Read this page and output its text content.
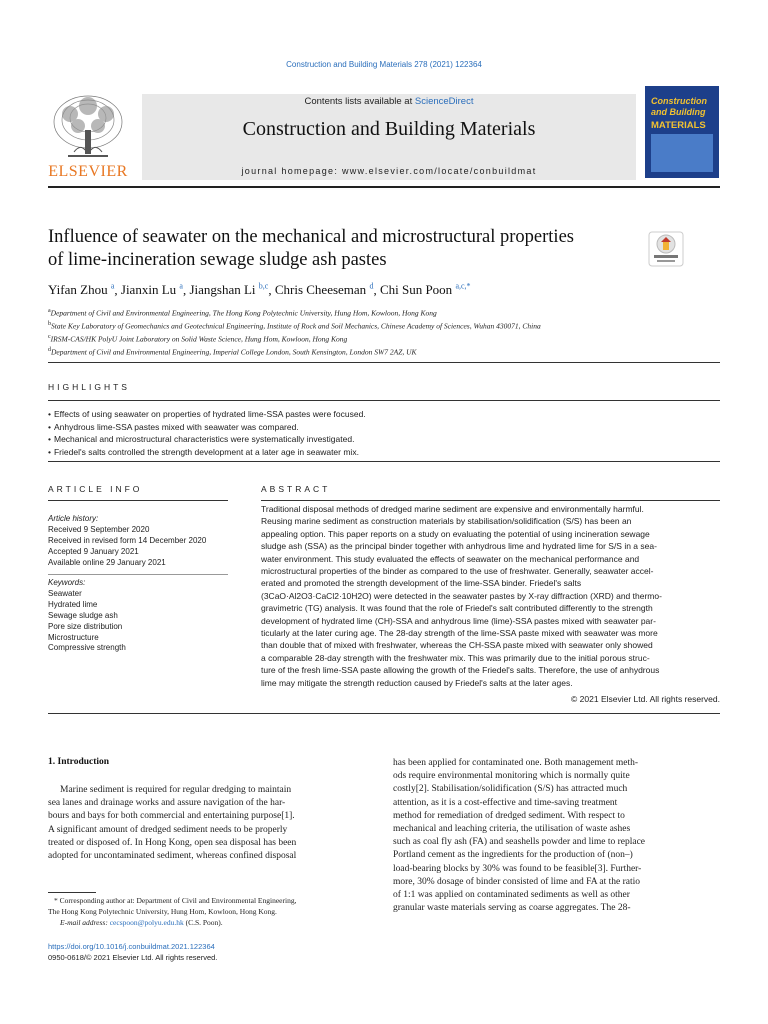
Construction and Building Materials 278 (2021) 122364
ELSEVIER
Contents lists available at ScienceDirect
Construction and Building Materials
journal homepage: www.elsevier.com/locate/conbuildmat
Construction and Building
MATERIALS
Influence of seawater on the mechanical and microstructural properties
of lime-incineration sewage sludge ash pastes
Yifan Zhou $^a$, Jianxin Lu $^a$, Jiangshan Li $^{b,c}$, Chris Cheeseman $^d$, Chi Sun Poon $^{a,c,*}$
$^a$Department of Civil and Environmental Engineering, The Hong Kong Polytechnic University, Hung Hom, Kowloon, Hong Kong
$^b$State Key Laboratory of Geomechanics and Geotechnical Engineering, Institute of Rock and Soil Mechanics, Chinese Academy of Sciences, Wuhan 430071, China
$^c$IRSM-CAS/HK PolyU Joint Laboratory on Solid Waste Science, Hung Hom, Kowloon, Hong Kong
$^d$Department of Civil and Environmental Engineering, Imperial College London, South Kensington, London SW7 2AZ, UK
HIGHLIGHTS
• Effects of using seawater on properties of hydrated lime-SSA pastes were focused.
• Anhydrous lime-SSA pastes mixed with seawater was compared.
• Mechanical and microstructural characteristics were systematically investigated.
• Friedel's salts controlled the strength development at a later age in seawater mix.
ARTICLE INFO
Article history:
Received 9 September 2020
Received in revised form 14 December 2020
Accepted 9 January 2021
Available online 29 January 2021
Keywords:
Seawater
Hydrated lime
Sewage sludge ash
Pore size distribution
Microstructure
Compressive strength
ABSTRACT
Traditional disposal methods of dredged marine sediment are expensive and environmentally harmful.
Reusing marine sediment as construction materials by stabilisation/solidification (S/S) has been an
appealing option. This paper reports on a study on evaluating the potential of using incineration sewage
sludge ash (SSA) as the principal binder together with anhydrous lime and hydrated lime for S/S in a sea-
water environment. This study evaluated the effects of seawater on the mechanical performance and
microstructural properties of the binder as compared to the use of freshwater. Generally, seawater accel-
erated and promoted the strength development of the lime-SSA binder. Friedel's salts
(3CaO·Al2O3·CaCl2·10H2O) were detected in the seawater pastes by X-ray diffraction (XRD) and thermo-
gravimetric (TG) analysis. It was found that the role of Friedel's salt contributed differently to the strength
development of hydrated lime (CH)-SSA and anhydrous lime (lime)-SSA pastes mixed with seawater par-
ticularly at the later curing age. The 28-day strength of the lime-SSA paste mixed with seawater was more
than double that of mixed with freshwater, whereas the CH-SSA paste mixed with seawater only showed
a comparable 28-day strength with the freshwater mix. This was primarily due to the initial porous struc-
ture of the fresh lime-SSA paste allowing the growth of the Friedel's salts. Therefore, the use of anhydrous
lime may mitigate the strength reduction caused by Friedel's salts at the later ages.
© 2021 Elsevier Ltd. All rights reserved.
1. Introduction
Marine sediment is required for regular dredging to maintain
sea lanes and drainage works and assure navigation of the har-
bours and bays for both commercial and entertaining purpose[1].
A significant amount of dredged sediment needs to be properly
treated or disposed of. In Hong Kong, open sea disposal has been
adopted for uncontaminated sediment, whereas confined disposal
has been applied for contaminated one. Both management meth-
ods require environmental monitoring which is normally quite
costly[2]. Stabilisation/solidification (S/S) has attracted much
attention, as it is a cost-effective and time-saving treatment
method for remediation of dredged sediment. With respect to
mechanical and leaching criteria, the utilisation of waste ashes
such as coal fly ash (FA) and seashells powder and lime to replace
Portland cement as the ingredients for the production of (non–)
load-bearing blocks by 30% was found to be feasible[3]. Further-
more, 30% dosage of binder consisted of lime and FA at the ratio
of 1:1 was applied on contaminated sediments as well as other
granular waste materials serving as coarse aggregates. The 28-
* Corresponding author at: Department of Civil and Environmental Engineering,
The Hong Kong Polytechnic University, Hung Hom, Kowloon, Hong Kong.
E-mail address: cecspoon@polyu.edu.hk (C.S. Poon).
https://doi.org/10.1016/j.conbuildmat.2021.122364
0950-0618/© 2021 Elsevier Ltd. All rights reserved.
